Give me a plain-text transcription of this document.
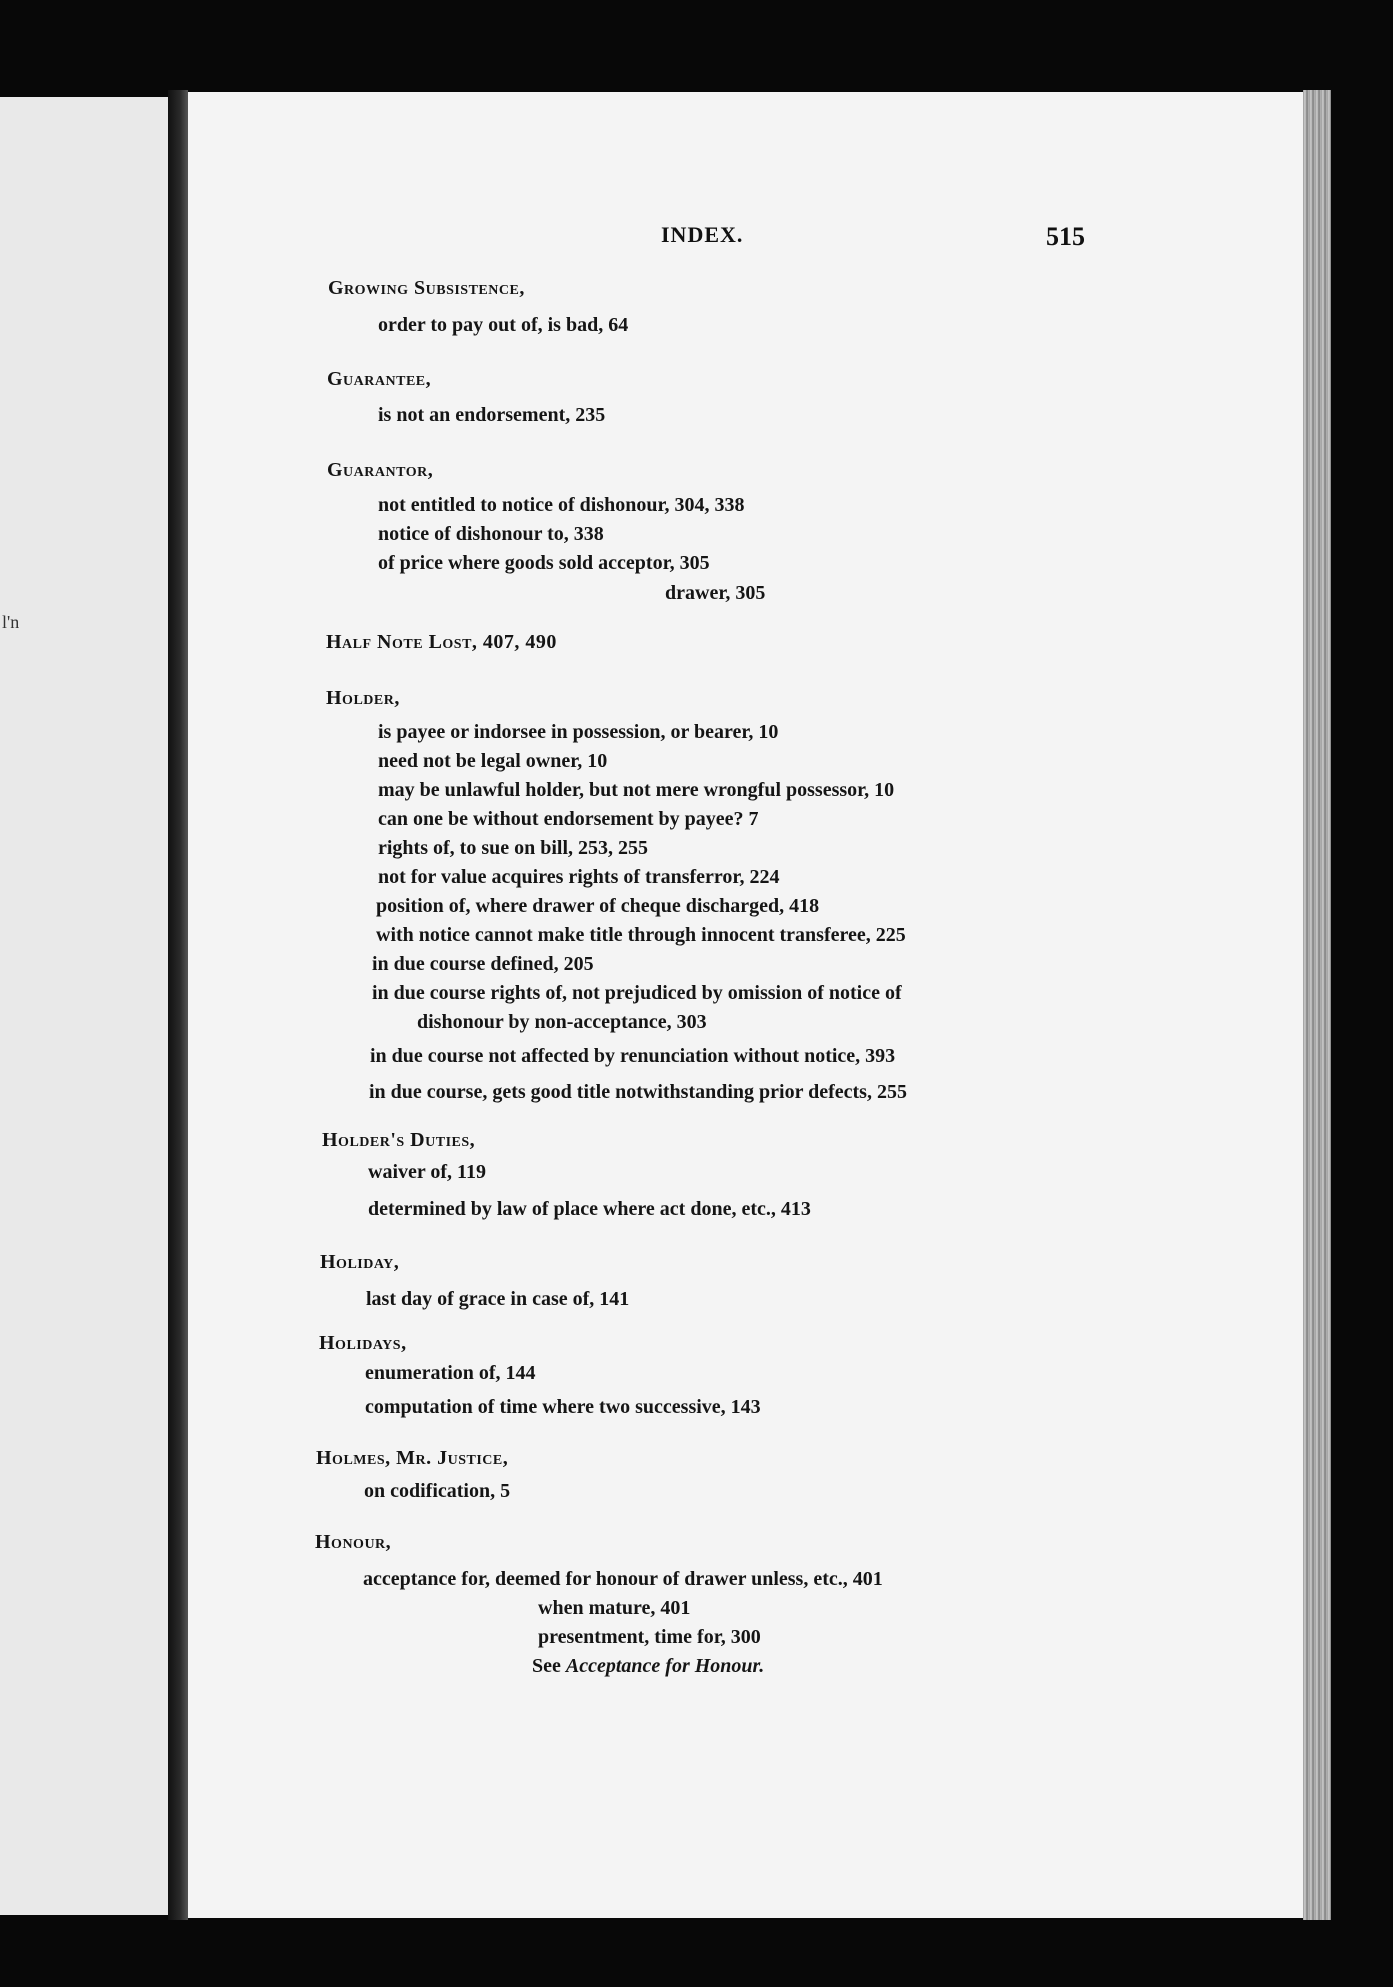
l'n
INDEX.	515
Growing Subsistence,
order to pay out of, is bad, 64
Guarantee,
is not an endorsement, 235
Guarantor,
not entitled to notice of dishonour, 304, 338
notice of dishonour to, 338
of price where goods sold acceptor, 305
drawer, 305
Half Note Lost, 407, 490
Holder,
is payee or indorsee in possession, or bearer, 10
need not be legal owner, 10
may be unlawful holder, but not mere wrongful possessor, 10
can one be without endorsement by payee? 7
rights of, to sue on bill, 253, 255
not for value acquires rights of transferror, 224
position of, where drawer of cheque discharged, 418
with notice cannot make title through innocent transferee, 225
in due course defined, 205
in due course rights of, not prejudiced by omission of notice of
dishonour by non-acceptance, 303
in due course not affected by renunciation without notice, 393
in due course, gets good title notwithstanding prior defects, 255
Holder's Duties,
waiver of, 119
determined by law of place where act done, etc., 413
Holiday,
last day of grace in case of, 141
Holidays,
enumeration of, 144
computation of time where two successive, 143
Holmes, Mr. Justice,
on codification, 5
Honour,
acceptance for, deemed for honour of drawer unless, etc., 401
when mature, 401
presentment, time for, 300
See Acceptance for Honour.
